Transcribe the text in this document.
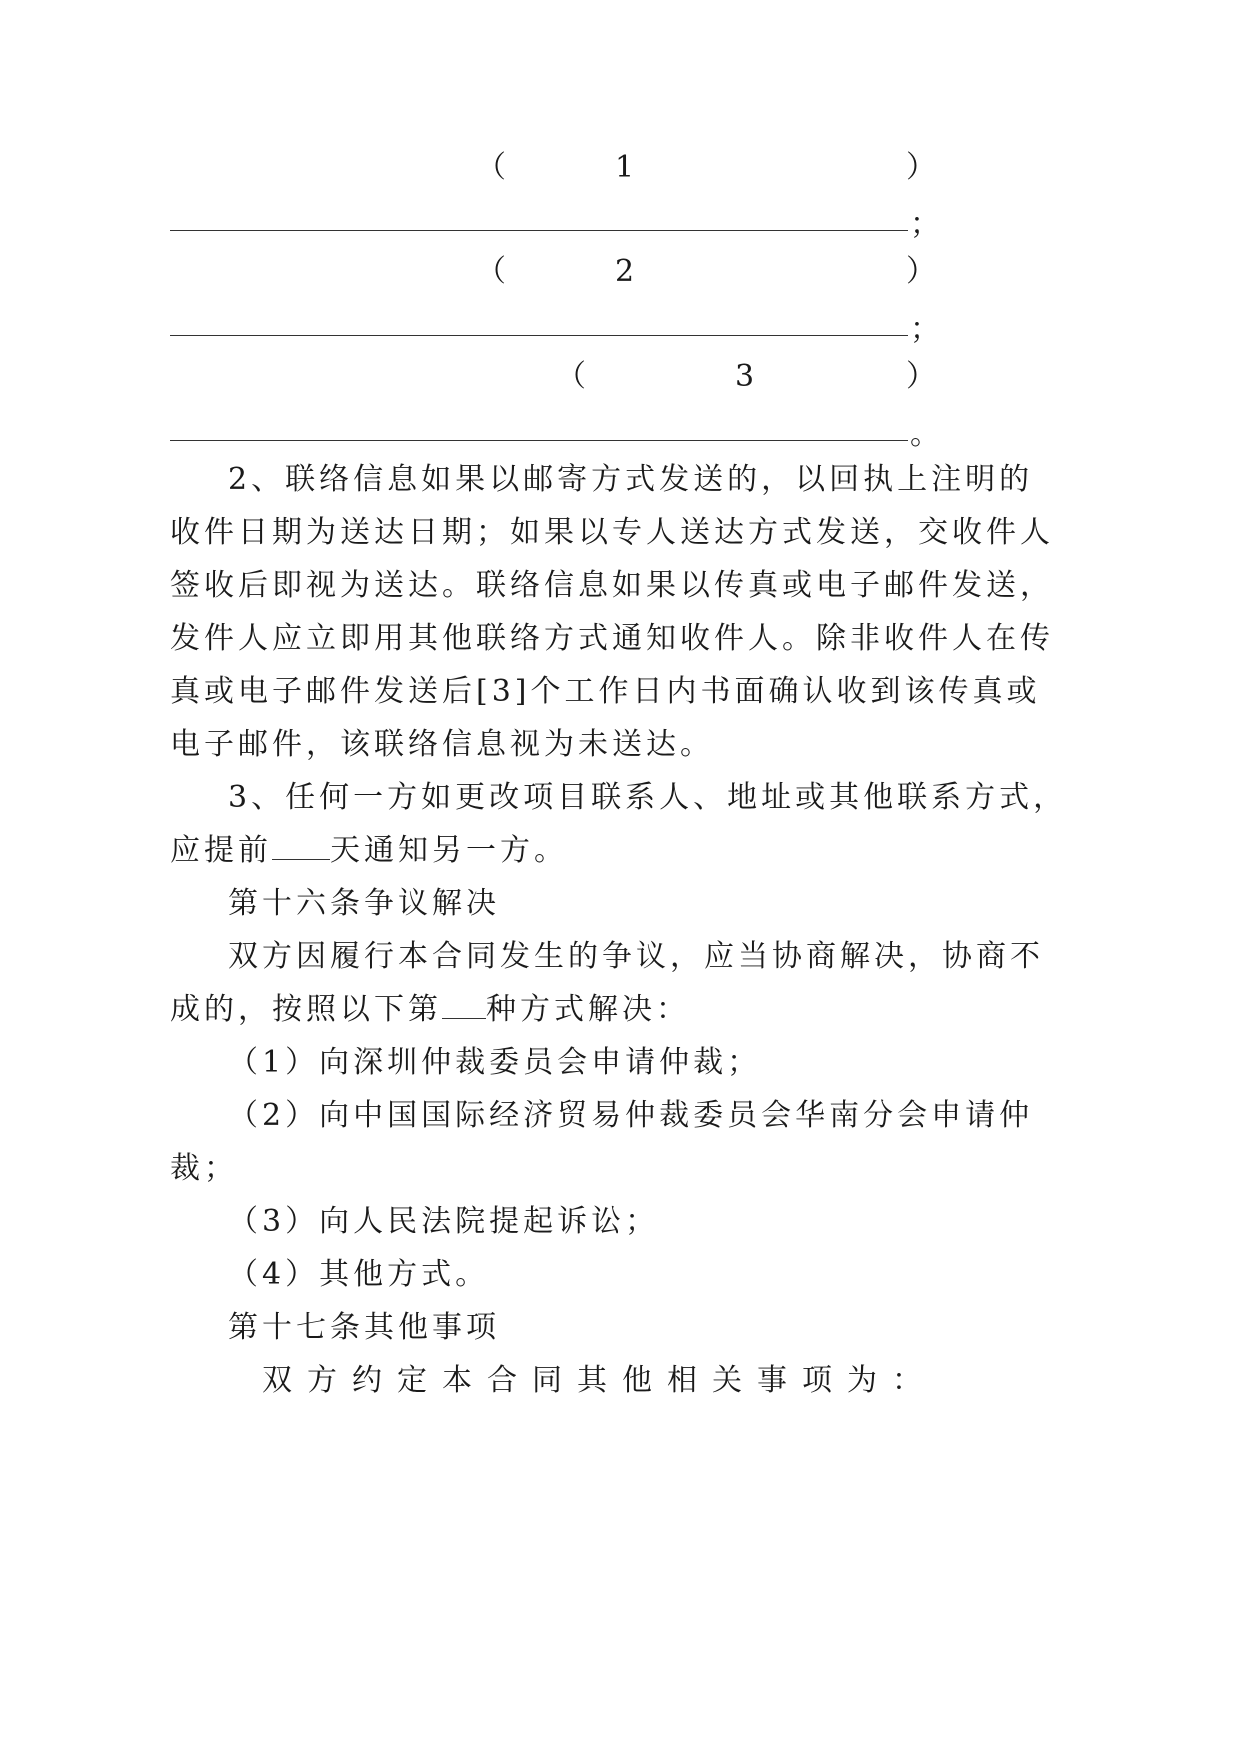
（	1	）
；
（	2	）
；
（	3	）
。
2、联络信息如果以邮寄方式发送的，以回执上注明的
收件日期为送达日期；如果以专人送达方式发送，交收件人
签收后即视为送达。联络信息如果以传真或电子邮件发送，
发件人应立即用其他联络方式通知收件人。除非收件人在传
真或电子邮件发送后[3]个工作日内书面确认收到该传真或
电子邮件，该联络信息视为未送达。
3、任何一方如更改项目联系人、地址或其他联系方式，
应提前 天通知另一方。
第十六条争议解决
双方因履行本合同发生的争议，应当协商解决，协商不
成的，按照以下第 种方式解决：
（1）向深圳仲裁委员会申请仲裁；
（2）向中国国际经济贸易仲裁委员会华南分会申请仲
裁；
（3）向人民法院提起诉讼；
（4）其他方式。
第十七条其他事项
双 方 约 定 本 合 同 其 他 相 关 事 项 为 ：
